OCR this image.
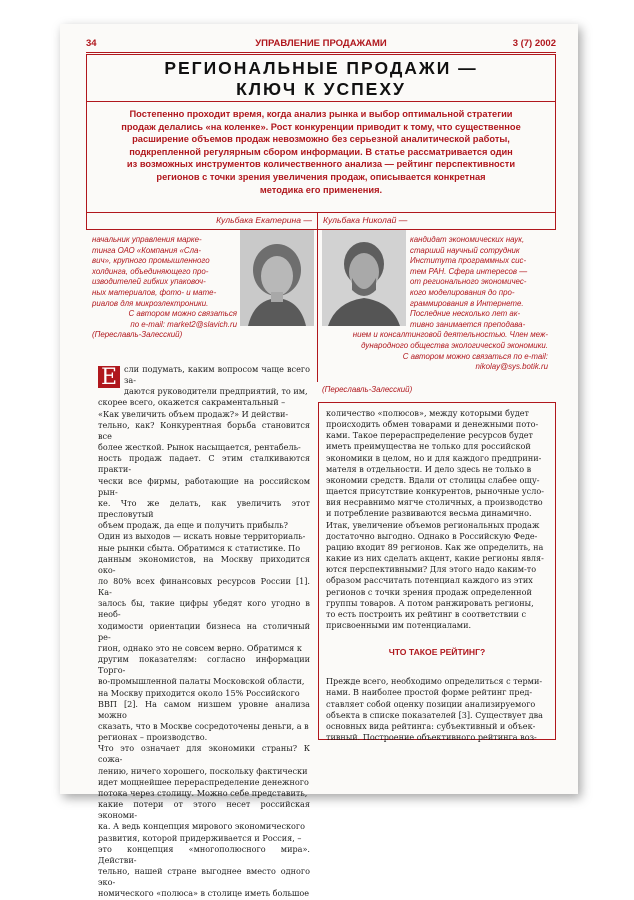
34	УПРАВЛЕНИЕ ПРОДАЖАМИ	3 (7) 2002
РЕГИОНАЛЬНЫЕ ПРОДАЖИ —
КЛЮЧ К УСПЕХУ
Постепенно проходит время, когда анализ рынка и выбор оптимальной стратегии
продаж делались «на коленке». Рост конкуренции приводит к тому, что существенное
расширение объемов продаж невозможно без серьезной аналитической работы,
подкрепленной регулярным сбором информации. В статье рассматривается один
из возможных инструментов количественного анализа — рейтинг перспективности
регионов с точки зрения увеличения продаж, описывается конкретная
методика его применения.
Кульбака Екатерина — Кульбака Николай —
начальник управления марке-
тинга ОАО «Компания «Сла-
вич», крупного промышленного
холдинга, объединяющего про-
изводителей гибких упаковоч-
ных материалов, фото- и мате-
риалов для микроэлектроники.
С автором можно связаться
по e-mail: market2@slavich.ru
(Переславль-Залесский)
кандидат экономических наук,
старший научный сотрудник
Института программных сис-
тем РАН. Сфера интересов —
от регионального экономичес-
кого моделирования до про-
граммирования в Интернете.
Последние несколько лет ак-
тивно занимается преподава-
нием и консалтинговой деятельностью. Член меж-
дународного общества экологической экономики.
С автором можно связаться по e-mail:
nikolay@sys.botik.ru
(Переславль-Залесский)
Е сли подумать, каким вопросом чаще всего за-
даются руководители предприятий, то им,
скорее всего, окажется сакраментальный –
«Как увеличить объем продаж?» И действи-
тельно, как? Конкурентная борьба становится все
более жесткой. Рынок насыщается, рентабель-
ность продаж падает. С этим сталкиваются практи-
чески все фирмы, работающие на российском рын-
ке. Что же делать, как увеличить этот пресловутый
объем продаж, да еще и получить прибыль?
Один из выходов — искать новые территориаль-
ные рынки сбыта. Обратимся к статистике. По
данным экономистов, на Москву приходится око-
ло 80% всех финансовых ресурсов России [1]. Ка-
залось бы, такие цифры убедят кого угодно в необ-
ходимости ориентации бизнеса на столичный ре-
гион, однако это не совсем верно. Обратимся к
другим показателям: согласно информации Торго-
во-промышленной палаты Московской области,
на Москву приходится около 15% Российского
ВВП [2]. На самом низшем уровне анализа можно
сказать, что в Москве сосредоточены деньги, а в
регионах – производство.
Что это означает для экономики страны? К сожа-
лению, ничего хорошего, поскольку фактически
идет мощнейшее перераспределение денежного
потока через столицу. Можно себе представить,
какие потери от этого несет российская экономи-
ка. А ведь концепция мирового экономического
развития, которой придерживается и Россия, –
это концепция «многополюсного мира». Действи-
тельно, нашей стране выгоднее вместо одного эко-
номического «полюса» в столице иметь большое
количество «полюсов», между которыми будет
происходить обмен товарами и денежными пото-
ками. Такое перераспределение ресурсов будет
иметь преимущества не только для российской
экономики в целом, но и для каждого предприни-
мателя в отдельности. И дело здесь не только в
экономии средств. Вдали от столицы слабее ощу-
щается присутствие конкурентов, рыночные усло-
вия несравнимо мягче столичных, а производство
и потребление развиваются весьма динамично.
Итак, увеличение объемов региональных продаж
достаточно выгодно. Однако в Российскую Феде-
рацию входит 89 регионов. Как же определить, на
какие из них сделать акцент, какие регионы явля-
ются перспективными? Для этого надо каким-то
образом рассчитать потенциал каждого из этих
регионов с точки зрения продаж определенной
группы товаров. А потом ранжировать регионы,
то есть построить их рейтинг в соответствии с
присвоенными им потенциалами.
ЧТО ТАКОЕ РЕЙТИНГ?
Прежде всего, необходимо определиться с терми-
нами. В наиболее простой форме рейтинг пред-
ставляет собой оценку позиции анализируемого
объекта в списке показателей [3]. Существует два
основных вида рейтинга: субъективный и объек-
тивный. Построение объективного рейтинга воз-
